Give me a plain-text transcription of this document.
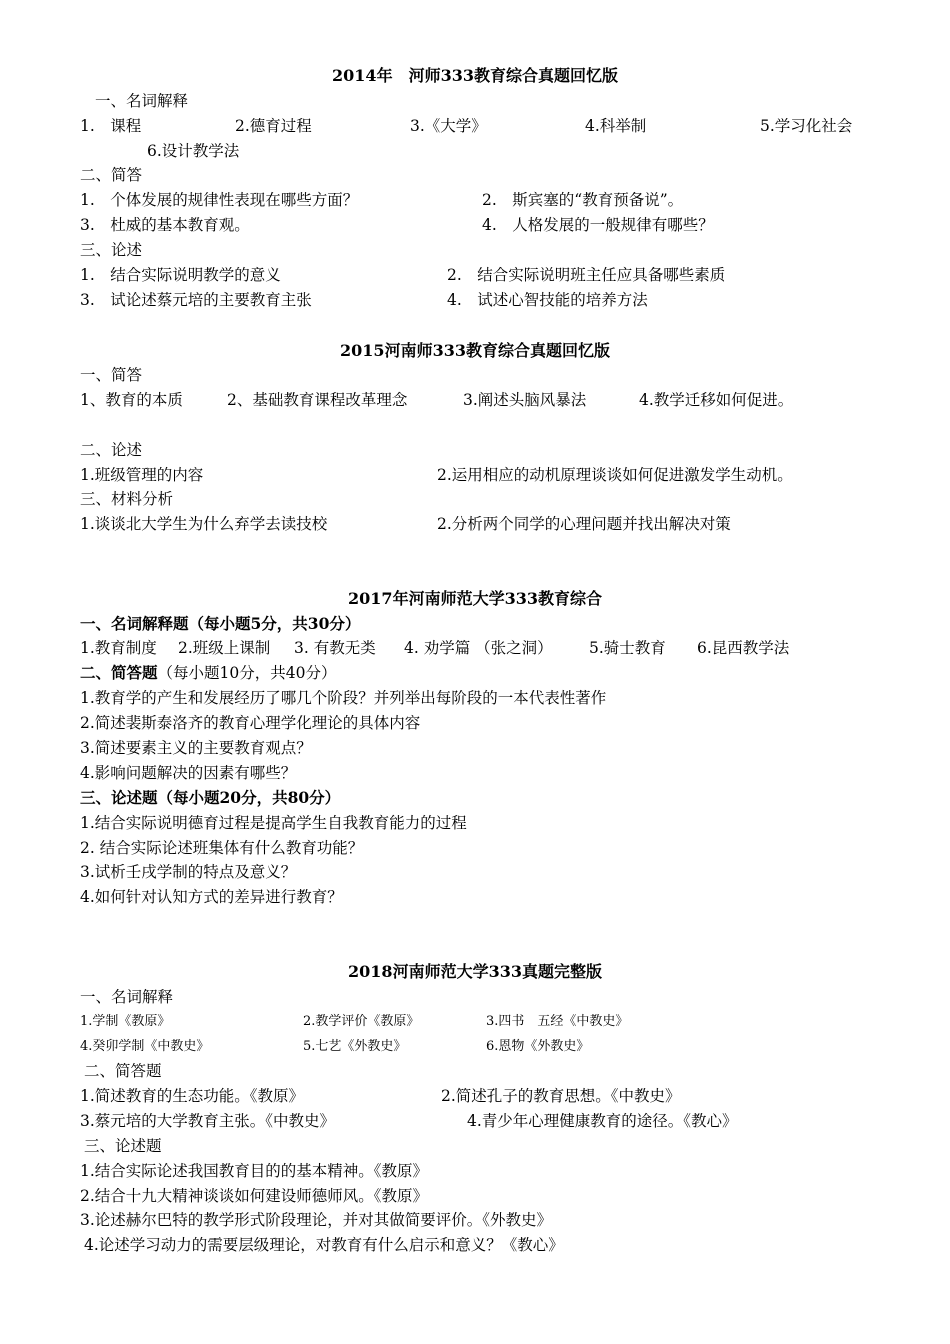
2014年　河师333教育综合真题回忆版
一、名词解释
1.　课程	2.德育过程	3.《大学》	4.科举制	5.学习化社会
6.设计教学法
二、简答
1.　个体发展的规律性表现在哪些方面？	2.　斯宾塞的“教育预备说”。
3.　杜威的基本教育观。	4.　人格发展的一般规律有哪些？
三、论述
1.　结合实际说明教学的意义	2.　结合实际说明班主任应具备哪些素质
3.　试论述蔡元培的主要教育主张	4.　试述心智技能的培养方法
2015河南师333教育综合真题回忆版
一、简答
1、教育的本质	2、基础教育课程改革理念	3.阐述头脑风暴法	4.教学迁移如何促进。
二、论述
1.班级管理的内容	2.运用相应的动机原理谈谈如何促进激发学生动机。
三、材料分析
1.谈谈北大学生为什么弃学去读技校	2.分析两个同学的心理问题并找出解决对策
2017年河南师范大学333教育综合
一、名词解释题（每小题5分，共30分）
1.教育制度 2.班级上课制 3. 有教无类 4. 劝学篇 （张之洞） 5.骑士教育 6.昆西教学法
二、简答题（每小题10分，共40分）
1.教育学的产生和发展经历了哪几个阶段？并列举出每阶段的一本代表性著作
2.简述裴斯泰洛齐的教育心理学化理论的具体内容
3.简述要素主义的主要教育观点？
4.影响问题解决的因素有哪些？
三、论述题（每小题20分，共80分）
1.结合实际说明德育过程是提高学生自我教育能力的过程
2. 结合实际论述班集体有什么教育功能？
3.试析壬戌学制的特点及意义？
4.如何针对认知方式的差异进行教育？
2018河南师范大学333真题完整版
一、名词解释
1.学制《教原》	2.教学评价《教原》	3.四书　五经《中教史》
4.癸卯学制《中教史》	5.七艺《外教史》	6.恩物《外教史》
二、简答题
1.简述教育的生态功能。《教原》	2.简述孔子的教育思想。《中教史》
3.蔡元培的大学教育主张。《中教史》	4.青少年心理健康教育的途径。《教心》
三、论述题
1.结合实际论述我国教育目的的基本精神。《教原》
2.结合十九大精神谈谈如何建设师德师风。《教原》
3.论述赫尔巴特的教学形式阶段理论，并对其做简要评价。《外教史》
4.论述学习动力的需要层级理论，对教育有什么启示和意义？《教心》
